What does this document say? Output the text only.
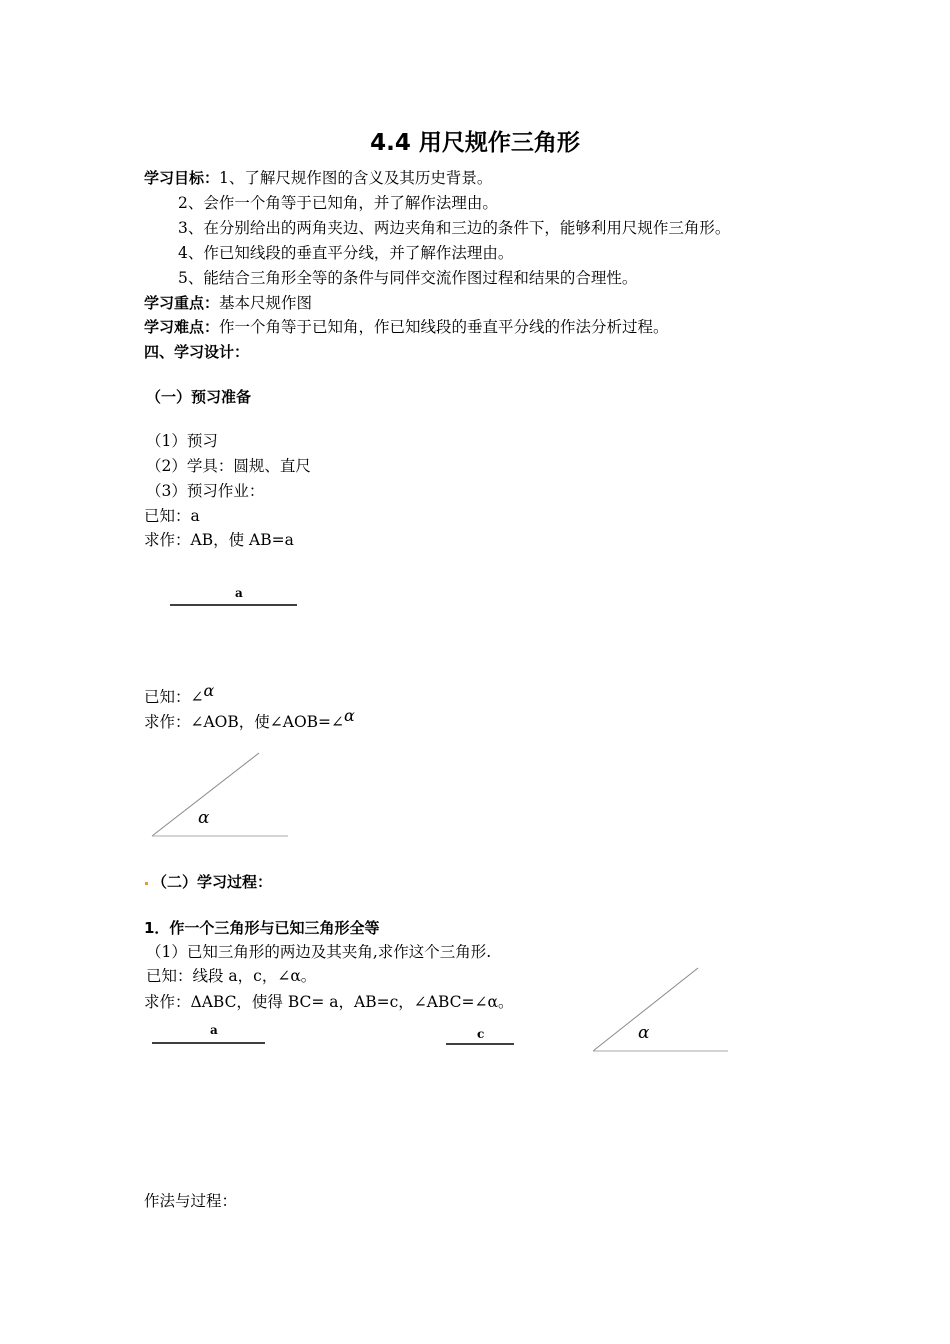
4.4 用尺规作三角形
学习目标：1、了解尺规作图的含义及其历史背景。
2、会作一个角等于已知角，并了解作法理由。
3、在分别给出的两角夹边、两边夹角和三边的条件下，能够利用尺规作三角形。
4、作已知线段的垂直平分线，并了解作法理由。
5、能结合三角形全等的条件与同伴交流作图过程和结果的合理性。
学习重点：基本尺规作图
学习难点：作一个角等于已知角，作已知线段的垂直平分线的作法分析过程。
四、学习设计：
（一）预习准备
（1）预习
（2）学具：圆规、直尺
（3）预习作业：
已知：a
求作：AB，使 AB=a
a
已知：∠$^\alpha$
求作：∠AOB，使∠AOB=∠$^\alpha$
α
（二）学习过程：
1．作一个三角形与已知三角形全等
（1）已知三角形的两边及其夹角,求作这个三角形.
已知：线段 a，c，∠α。
求作：ΔABC，使得 BC= a，AB=c，∠ABC=∠α。
a	c	α
作法与过程：
